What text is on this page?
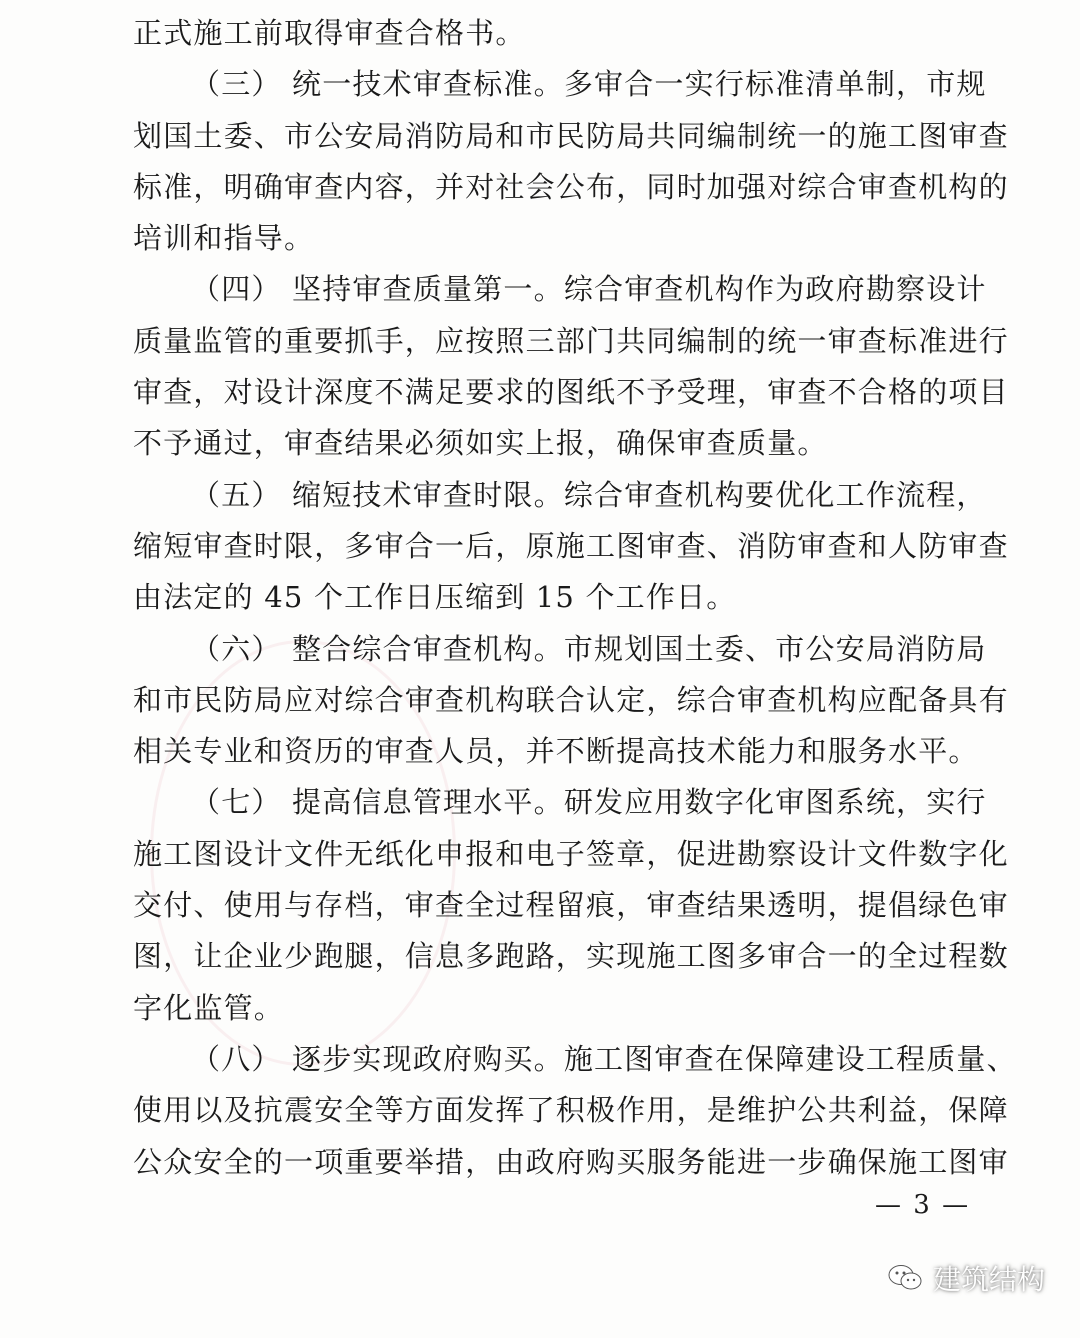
正式施工前取得审查合格书。
（三） 统一技术审查标准。多审合一实行标准清单制，市规
划国土委、市公安局消防局和市民防局共同编制统一的施工图审查
标准，明确审查内容，并对社会公布，同时加强对综合审查机构的
培训和指导。
（四） 坚持审查质量第一。综合审查机构作为政府勘察设计
质量监管的重要抓手，应按照三部门共同编制的统一审查标准进行
审查，对设计深度不满足要求的图纸不予受理，审查不合格的项目
不予通过，审查结果必须如实上报，确保审查质量。
（五） 缩短技术审查时限。综合审查机构要优化工作流程，
缩短审查时限，多审合一后，原施工图审查、消防审查和人防审查
由法定的 45 个工作日压缩到 15 个工作日。
（六） 整合综合审查机构。市规划国土委、市公安局消防局
和市民防局应对综合审查机构联合认定，综合审查机构应配备具有
相关专业和资历的审查人员，并不断提高技术能力和服务水平。
（七） 提高信息管理水平。研发应用数字化审图系统，实行
施工图设计文件无纸化申报和电子签章，促进勘察设计文件数字化
交付、使用与存档，审查全过程留痕，审查结果透明，提倡绿色审
图，让企业少跑腿，信息多跑路，实现施工图多审合一的全过程数
字化监管。
（八） 逐步实现政府购买。施工图审查在保障建设工程质量、
使用以及抗震安全等方面发挥了积极作用，是维护公共利益，保障
公众安全的一项重要举措，由政府购买服务能进一步确保施工图审
— 3 —
建筑结构
